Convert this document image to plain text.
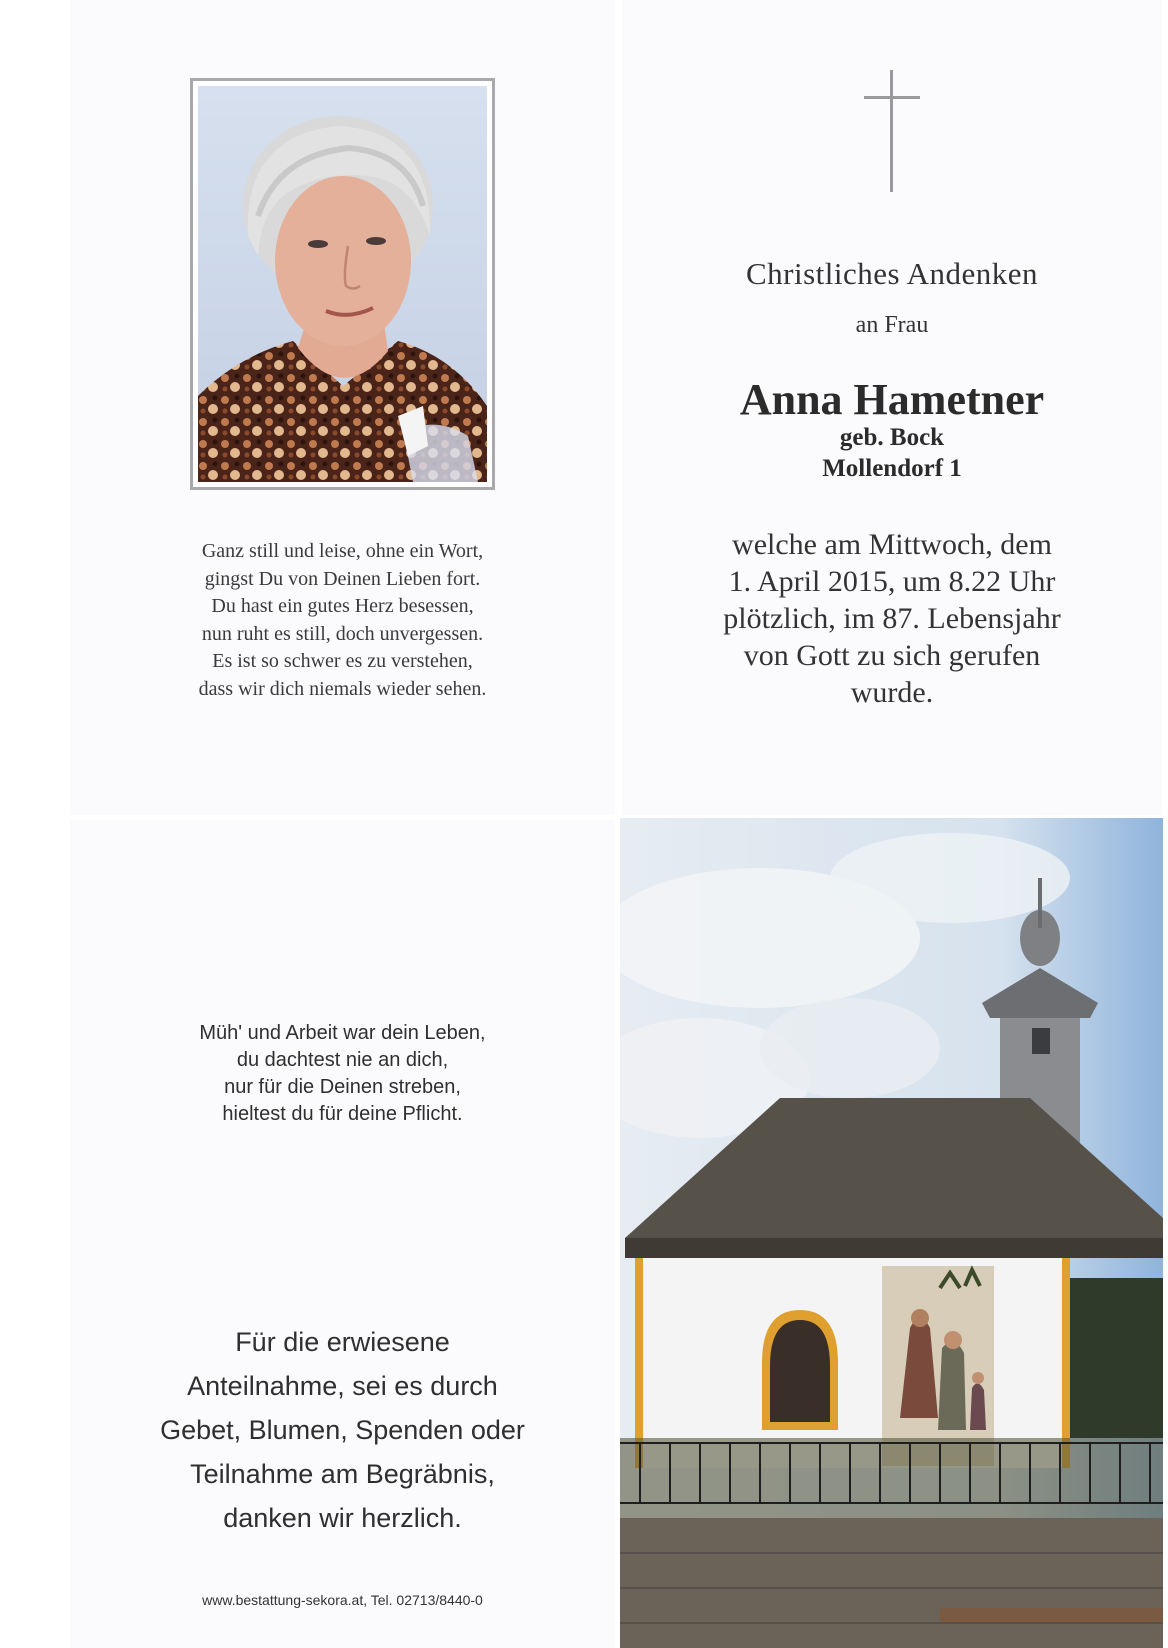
Ganz still und leise, ohne ein Wort,
gingst Du von Deinen Lieben fort.
Du hast ein gutes Herz besessen,
nun ruht es still, doch unvergessen.
Es ist so schwer es zu verstehen,
dass wir dich niemals wieder sehen.
Christliches Andenken
an Frau
Anna Hametner
geb. Bock
Mollendorf 1
welche am Mittwoch, dem
1. April 2015, um 8.22 Uhr
plötzlich, im 87. Lebensjahr
von Gott zu sich gerufen
wurde.
Müh' und Arbeit war dein Leben,
du dachtest nie an dich,
nur für die Deinen streben,
hieltest du für deine Pflicht.
Für die erwiesene
Anteilnahme, sei es durch
Gebet, Blumen, Spenden oder
Teilnahme am Begräbnis,
danken wir herzlich.
www.bestattung-sekora.at, Tel. 02713/8440-0
